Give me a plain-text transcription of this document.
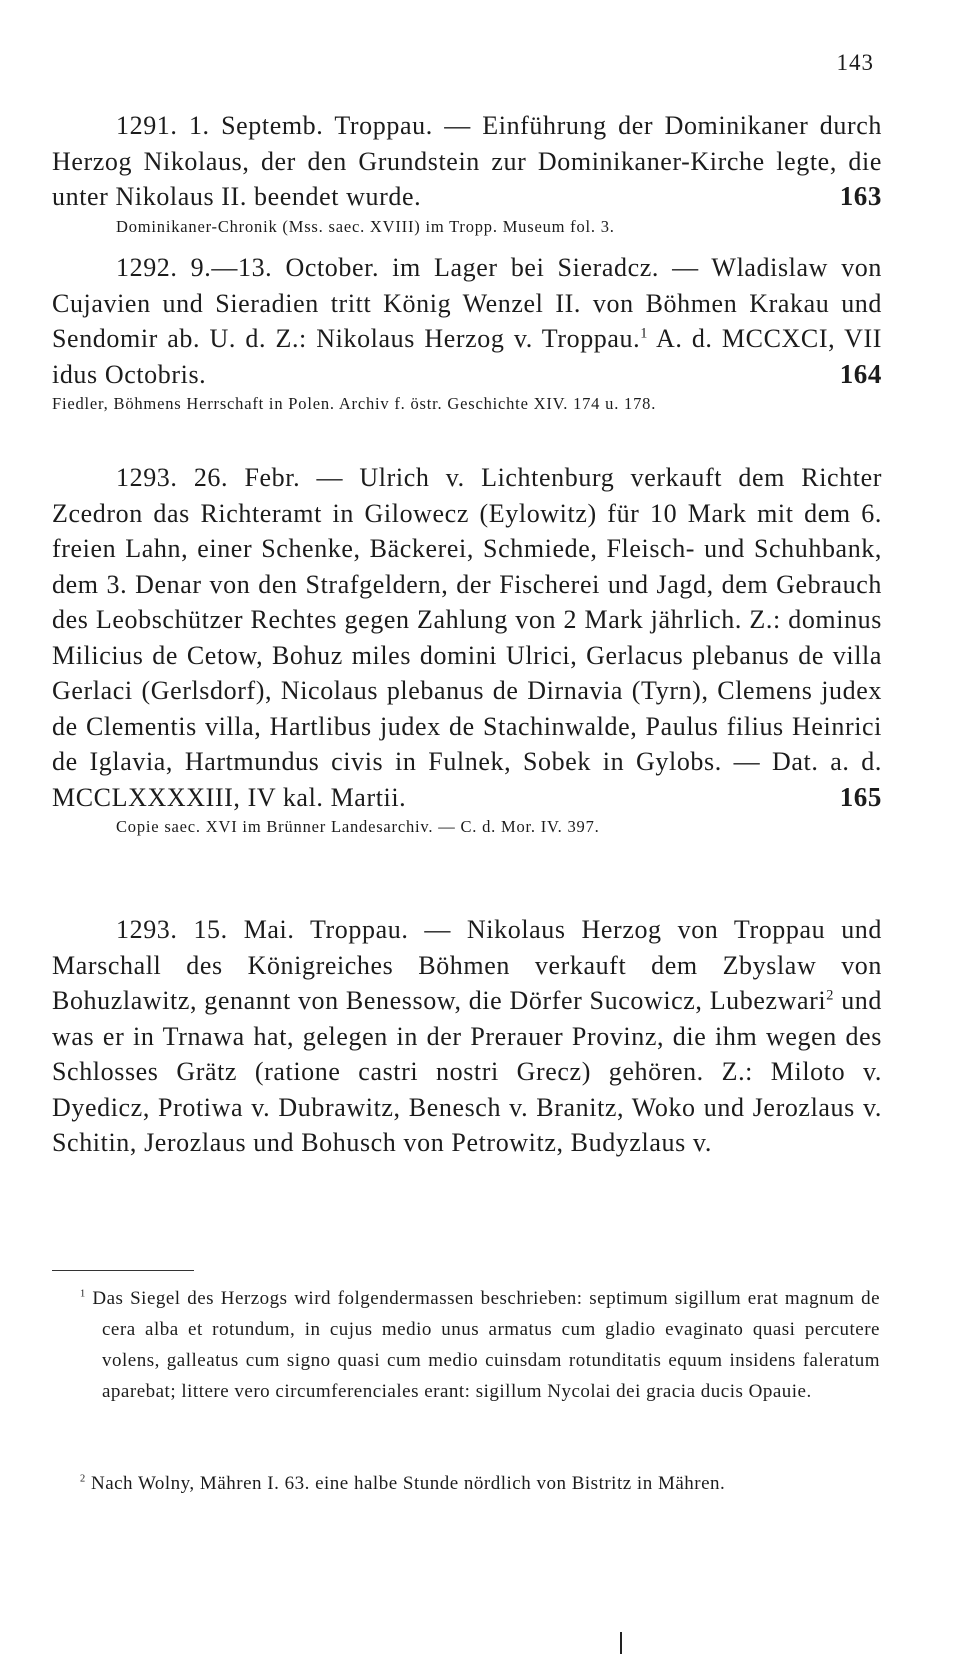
143
1291. 1. Septemb. Troppau. — Einführung der Dominikaner durch Herzog Nikolaus, der den Grundstein zur Dominikaner-Kirche legte, die unter Nikolaus II. beendet wurde.	163
Dominikaner-Chronik (Mss. saec. XVIII) im Tropp. Museum fol. 3.
1292. 9.—13. October. im Lager bei Sieradcz. — Wladislaw von Cujavien und Sieradien tritt König Wenzel II. von Böhmen Krakau und Sendomir ab. U. d. Z.: Nikolaus Herzog v. Troppau.$^1$ A. d. MCCXCI, VII idus Octobris.	164
Fiedler, Böhmens Herrschaft in Polen. Archiv f. östr. Geschichte XIV. 174 u. 178.
1293. 26. Febr. — Ulrich v. Lichtenburg verkauft dem Richter Zcedron das Richteramt in Gilowecz (Eylowitz) für 10 Mark mit dem 6. freien Lahn, einer Schenke, Bäckerei, Schmiede, Fleisch- und Schuhbank, dem 3. Denar von den Strafgeldern, der Fischerei und Jagd, dem Gebrauch des Leobschützer Rechtes gegen Zahlung von 2 Mark jährlich. Z.: dominus Milicius de Cetow, Bohuz miles domini Ulrici, Gerlacus plebanus de villa Gerlaci (Gerlsdorf), Nicolaus plebanus de Dirnavia (Tyrn), Clemens judex de Clementis villa, Hartlibus judex de Stachinwalde, Paulus filius Heinrici de Iglavia, Hartmundus civis in Fulnek, Sobek in Gylobs. — Dat. a. d. MCCLXXXXIII, IV kal. Martii.	165
Copie saec. XVI im Brünner Landesarchiv. — C. d. Mor. IV. 397.
1293. 15. Mai. Troppau. — Nikolaus Herzog von Troppau und Marschall des Königreiches Böhmen verkauft dem Zbyslaw von Bohuzlawitz, genannt von Benessow, die Dörfer Sucowicz, Lubezwari$^2$ und was er in Trnawa hat, gelegen in der Prerauer Provinz, die ihm wegen des Schlosses Grätz (ratione castri nostri Grecz) gehören. Z.: Miloto v. Dyedicz, Protiwa v. Dubrawitz, Benesch v. Branitz, Woko und Jerozlaus v. Schitin, Jerozlaus und Bohusch von Petrowitz, Budyzlaus v.
$^1$ Das Siegel des Herzogs wird folgendermassen beschrieben: septimum sigillum erat magnum de cera alba et rotundum, in cujus medio unus armatus cum gladio evaginato quasi percutere volens, galleatus cum signo quasi cum medio cuinsdam rotunditatis equum insidens faleratum aparebat; littere vero circumferenciales erant: sigillum Nycolai dei gracia ducis Opauie.
$^2$ Nach Wolny, Mähren I. 63. eine halbe Stunde nördlich von Bistritz in Mähren.
